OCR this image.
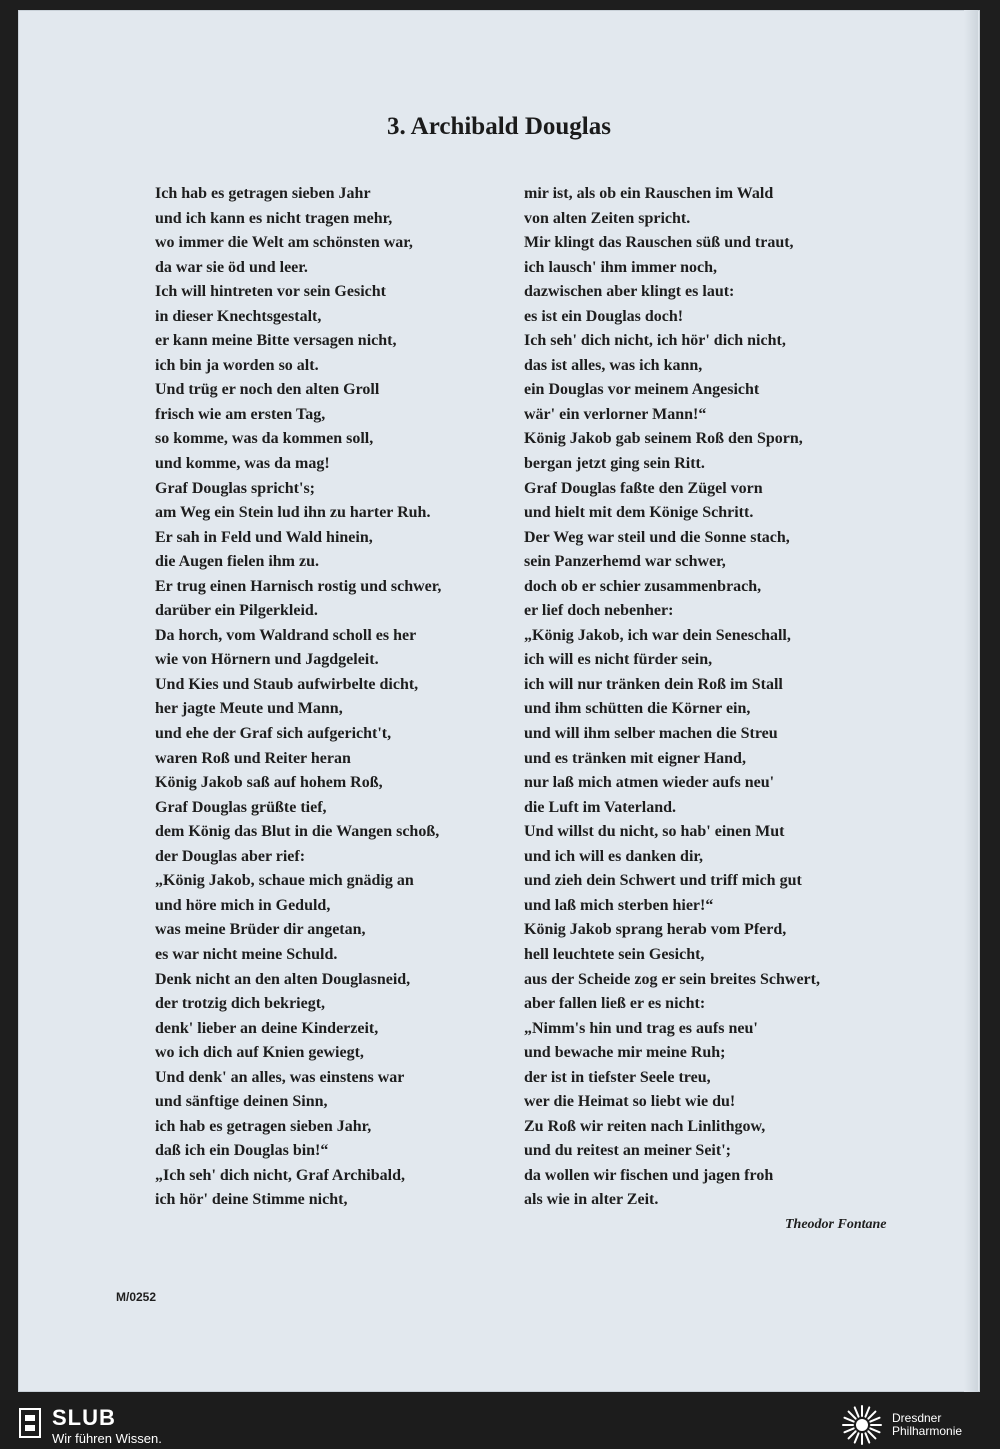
3. Archibald Douglas
Ich hab es getragen sieben Jahr
und ich kann es nicht tragen mehr,
wo immer die Welt am schönsten war,
da war sie öd und leer.
Ich will hintreten vor sein Gesicht
in dieser Knechtsgestalt,
er kann meine Bitte versagen nicht,
ich bin ja worden so alt.
Und trüg er noch den alten Groll
frisch wie am ersten Tag,
so komme, was da kommen soll,
und komme, was da mag!
Graf Douglas spricht's;
am Weg ein Stein lud ihn zu harter Ruh.
Er sah in Feld und Wald hinein,
die Augen fielen ihm zu.
Er trug einen Harnisch rostig und schwer,
darüber ein Pilgerkleid.
Da horch, vom Waldrand scholl es her
wie von Hörnern und Jagdgeleit.
Und Kies und Staub aufwirbelte dicht,
her jagte Meute und Mann,
und ehe der Graf sich aufgericht't,
waren Roß und Reiter heran
König Jakob saß auf hohem Roß,
Graf Douglas grüßte tief,
dem König das Blut in die Wangen schoß,
der Douglas aber rief:
„König Jakob, schaue mich gnädig an
und höre mich in Geduld,
was meine Brüder dir angetan,
es war nicht meine Schuld.
Denk nicht an den alten Douglasneid,
der trotzig dich bekriegt,
denk' lieber an deine Kinderzeit,
wo ich dich auf Knien gewiegt,
Und denk' an alles, was einstens war
und sänftige deinen Sinn,
ich hab es getragen sieben Jahr,
daß ich ein Douglas bin!“
„Ich seh' dich nicht, Graf Archibald,
ich hör' deine Stimme nicht,
mir ist, als ob ein Rauschen im Wald
von alten Zeiten spricht.
Mir klingt das Rauschen süß und traut,
ich lausch' ihm immer noch,
dazwischen aber klingt es laut:
es ist ein Douglas doch!
Ich seh' dich nicht, ich hör' dich nicht,
das ist alles, was ich kann,
ein Douglas vor meinem Angesicht
wär' ein verlorner Mann!“
König Jakob gab seinem Roß den Sporn,
bergan jetzt ging sein Ritt.
Graf Douglas faßte den Zügel vorn
und hielt mit dem Könige Schritt.
Der Weg war steil und die Sonne stach,
sein Panzerhemd war schwer,
doch ob er schier zusammenbrach,
er lief doch nebenher:
„König Jakob, ich war dein Seneschall,
ich will es nicht fürder sein,
ich will nur tränken dein Roß im Stall
und ihm schütten die Körner ein,
und will ihm selber machen die Streu
und es tränken mit eigner Hand,
nur laß mich atmen wieder aufs neu'
die Luft im Vaterland.
Und willst du nicht, so hab' einen Mut
und ich will es danken dir,
und zieh dein Schwert und triff mich gut
und laß mich sterben hier!“
König Jakob sprang herab vom Pferd,
hell leuchtete sein Gesicht,
aus der Scheide zog er sein breites Schwert,
aber fallen ließ er es nicht:
„Nimm's hin und trag es aufs neu'
und bewache mir meine Ruh;
der ist in tiefster Seele treu,
wer die Heimat so liebt wie du!
Zu Roß wir reiten nach Linlithgow,
und du reitest an meiner Seit';
da wollen wir fischen und jagen froh
als wie in alter Zeit.
Theodor Fontane
M/0252
SLUB
Wir führen Wissen.
Dresdner
Philharmonie
